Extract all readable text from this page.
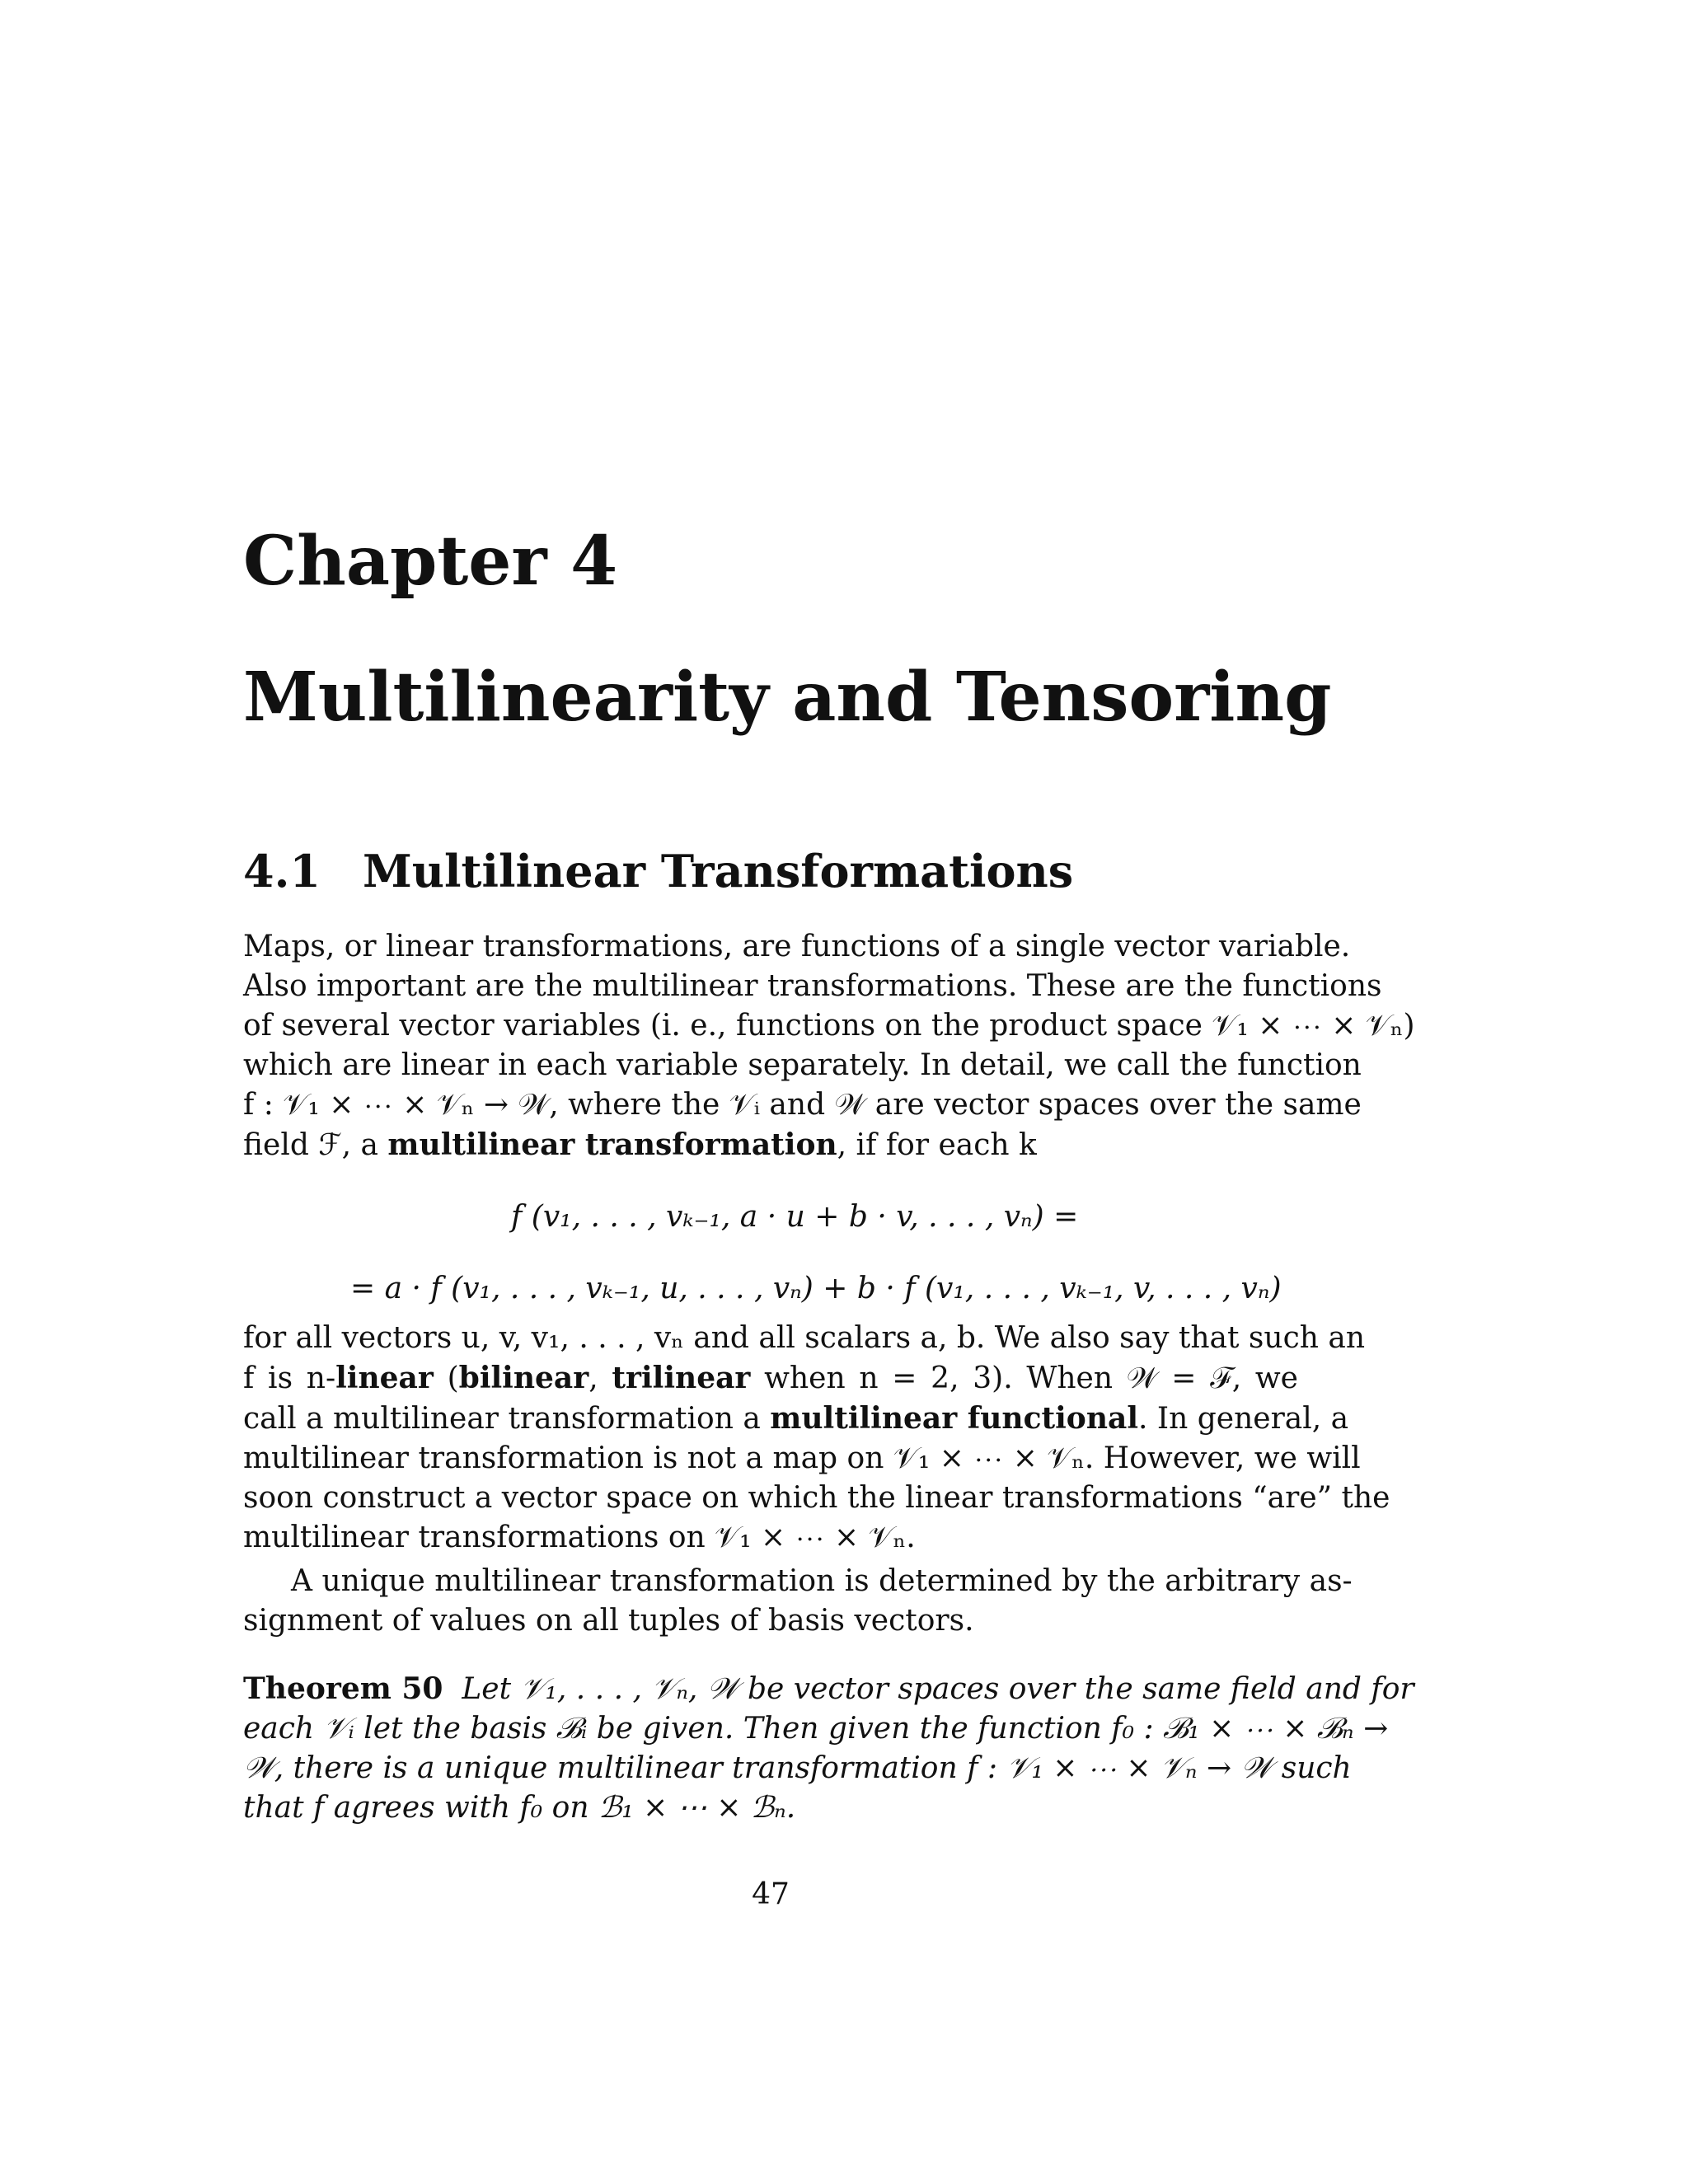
Chapter 4
Multilinearity and Tensoring
4.1 Multilinear Transformations
Maps, or linear transformations, are functions of a single vector variable.
Also important are the multilinear transformations. These are the functions
of several vector variables (i. e., functions on the product space 𝒱₁ × ⋯ × 𝒱ₙ)
which are linear in each variable separately. In detail, we call the function
f : 𝒱₁ × ⋯ × 𝒱ₙ → 𝒲, where the 𝒱ᵢ and 𝒲 are vector spaces over the same
field ℱ, a multilinear transformation, if for each k
f (v₁, . . . , vₖ₋₁, a · u + b · v, . . . , vₙ) =
= a · f (v₁, . . . , vₖ₋₁, u, . . . , vₙ) + b · f (v₁, . . . , vₖ₋₁, v, . . . , vₙ)
for all vectors u, v, v₁, . . . , vₙ and all scalars a, b. We also say that such an
f is n-linear (bilinear, trilinear when n = 2, 3). When 𝒲 = ℱ, we
call a multilinear transformation a multilinear functional. In general, a
multilinear transformation is not a map on 𝒱₁ × ⋯ × 𝒱ₙ. However, we will
soon construct a vector space on which the linear transformations “are” the
multilinear transformations on 𝒱₁ × ⋯ × 𝒱ₙ.
A unique multilinear transformation is determined by the arbitrary as-
signment of values on all tuples of basis vectors.
Theorem 50 Let 𝒱₁, . . . , 𝒱ₙ, 𝒲 be vector spaces over the same field and for
each 𝒱ᵢ let the basis ℬᵢ be given. Then given the function f₀ : ℬ₁ × ⋯ × ℬₙ →
𝒲, there is a unique multilinear transformation f : 𝒱₁ × ⋯ × 𝒱ₙ → 𝒲 such
that f agrees with f₀ on ℬ₁ × ⋯ × ℬₙ.
47
